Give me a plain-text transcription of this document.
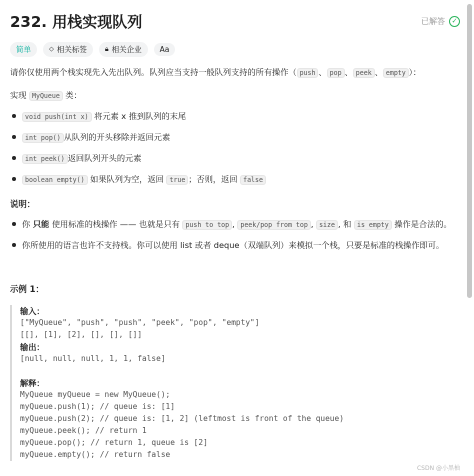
232. 用栈实现队列	已解答 ✓
简单	⬦ 相关标签	🔒︎ 相关企业 Aa

请你仅使用两个栈实现先入先出队列。队列应当支持一般队列支持的所有操作（ push 、 pop 、 peek 、 empty ）：

实现 MyQueue 类：

void push(int x) 将元素 x 推到队列的末尾
int pop() 从队列的开头移除并返回元素
int peek() 返回队列开头的元素
boolean empty() 如果队列为空，返回 true ；否则，返回 false

说明：

你 只能 使用标准的栈操作 —— 也就是只有 push to top , peek/pop from top , size , 和 is empty 操作是合法的。
你所使用的语言也许不支持栈。你可以使用 list 或者 deque（双端队列）来模拟一个栈，只要是标准的栈操作即可。

示例 1：

输入：
["MyQueue", "push", "push", "peek", "pop", "empty"]
[[], [1], [2], [], [], []]
输出：
[null, null, null, 1, 1, false]
解释：
MyQueue myQueue = new MyQueue();
myQueue.push(1); // queue is: [1]
myQueue.push(2); // queue is: [1, 2] (leftmost is front of the queue)
myQueue.peek(); // return 1
myQueue.pop(); // return 1, queue is [2]
myQueue.empty(); // return false
CSDN @小黑柚
